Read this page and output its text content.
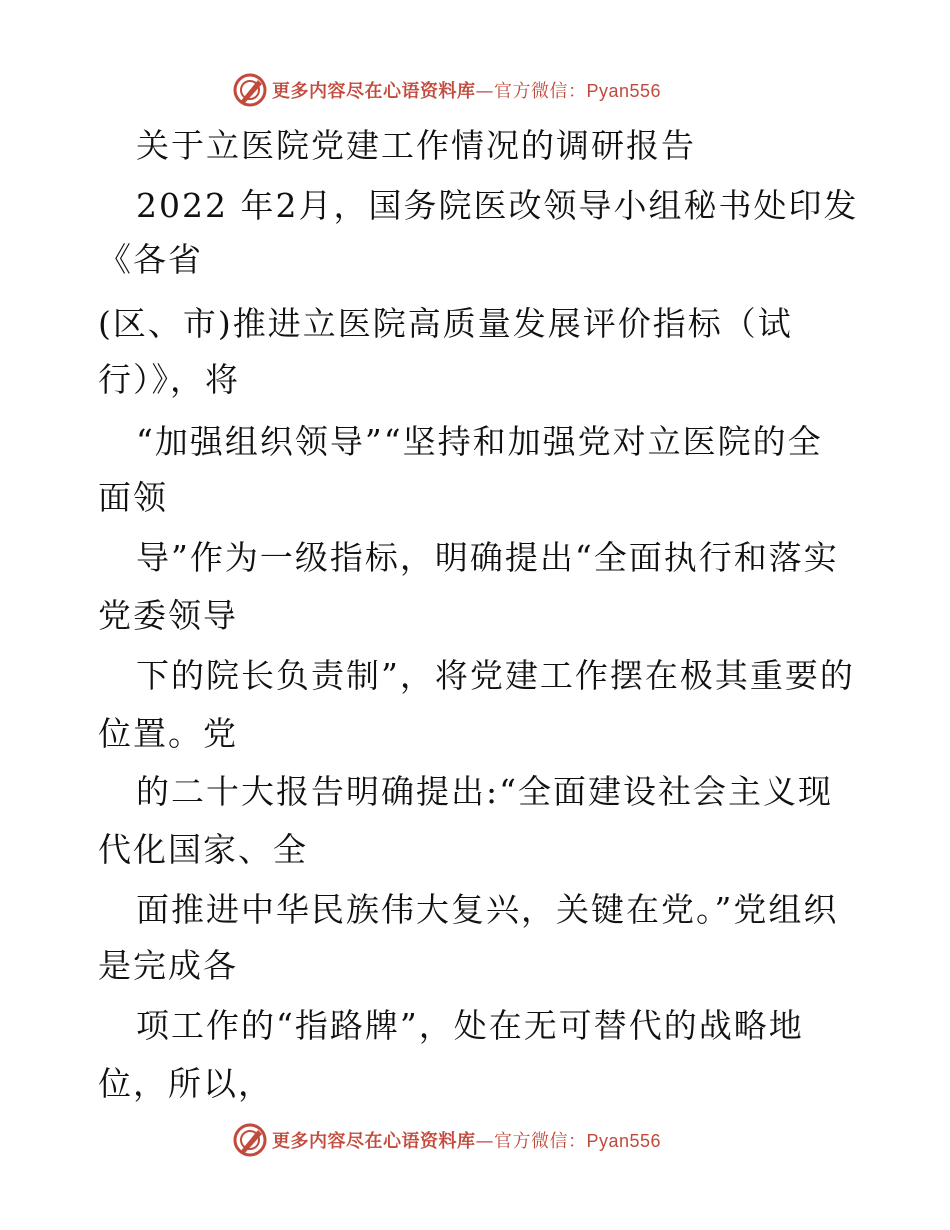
更多内容尽在心语资料库—官方微信：Pyan556
关于立医院党建工作情况的调研报告
2022 年2月，国务院医改领导小组秘书处印发
《各省
(区、市)推进立医院高质量发展评价指标（试
行）》，将
“加强组织领导”“坚持和加强党对立医院的全
面领
导”作为一级指标，明确提出“全面执行和落实
党委领导
下的院长负责制”，将党建工作摆在极其重要的
位置。党
的二十大报告明确提出:“全面建设社会主义现
代化国家、全
面推进中华民族伟大复兴，关键在党。”党组织
是完成各
项工作的“指路牌”，处在无可替代的战略地
位，所以，
更多内容尽在心语资料库—官方微信：Pyan556
